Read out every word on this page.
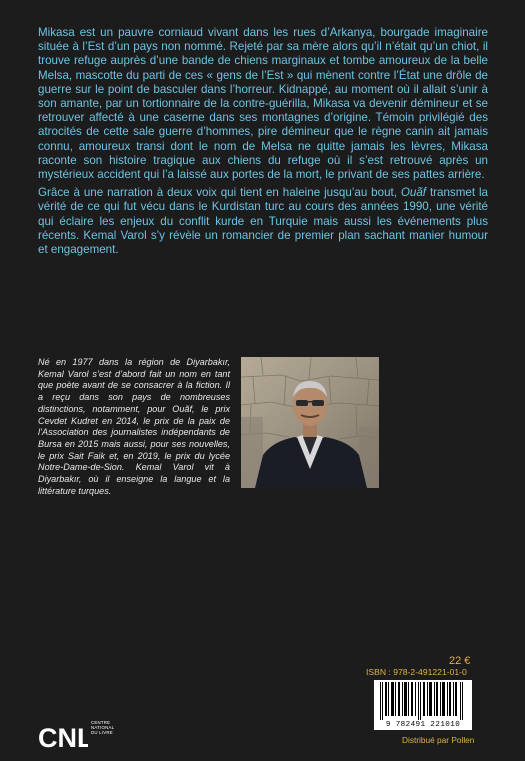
Mikasa est un pauvre corniaud vivant dans les rues d’Arkanya, bourgade imaginaire située à l’Est d’un pays non nommé. Rejeté par sa mère alors qu’il n’était qu’un chiot, il trouve refuge auprès d’une bande de chiens marginaux et tombe amoureux de la belle Melsa, mascotte du parti de ces « gens de l’Est » qui mènent contre l’État une drôle de guerre sur le point de basculer dans l’horreur. Kidnappé, au moment où il allait s’unir à son amante, par un tortionnaire de la contre-guérilla, Mikasa va devenir démineur et se retrouver affecté à une caserne dans ses montagnes d’origine. Témoin privilégié des atrocités de cette sale guerre d’hommes, pire démineur que le règne canin ait jamais connu, amoureux transi dont le nom de Melsa ne quitte jamais les lèvres, Mikasa raconte son histoire tragique aux chiens du refuge où il s’est retrouvé après un mystérieux accident qui l’a laissé aux portes de la mort, le privant de ses pattes arrière.

Grâce à une narration à deux voix qui tient en haleine jusqu’au bout, Ouãf transmet la vérité de ce qui fut vécu dans le Kurdistan turc au cours des années 1990, une vérité qui éclaire les enjeux du conflit kurde en Turquie mais aussi les événements plus récents. Kemal Varol s’y révèle un romancier de premier plan sachant manier humour et engagement.

Né en 1977 dans la région de Diyarbakır, Kemal Varol s’est d’abord fait un nom en tant que poète avant de se consacrer à la fiction. Il a reçu dans son pays de nombreuses distinctions, notamment, pour Ouãf, le prix Cevdet Kudret en 2014, le prix de la paix de l’Association des journalistes indépendants de Bursa en 2015 mais aussi, pour ses nouvelles, le prix Sait Faik et, en 2019, le prix du lycée Notre-Dame-de-Sion. Kemal Varol vit à Diyarbakır, où il enseigne la langue et la littérature turques.

22 €
ISBN : 978-2-491221-01-0
9 782491 221010
Distribué par Pollen
CNL
CENTRE
NATIONAL
DU LIVRE
